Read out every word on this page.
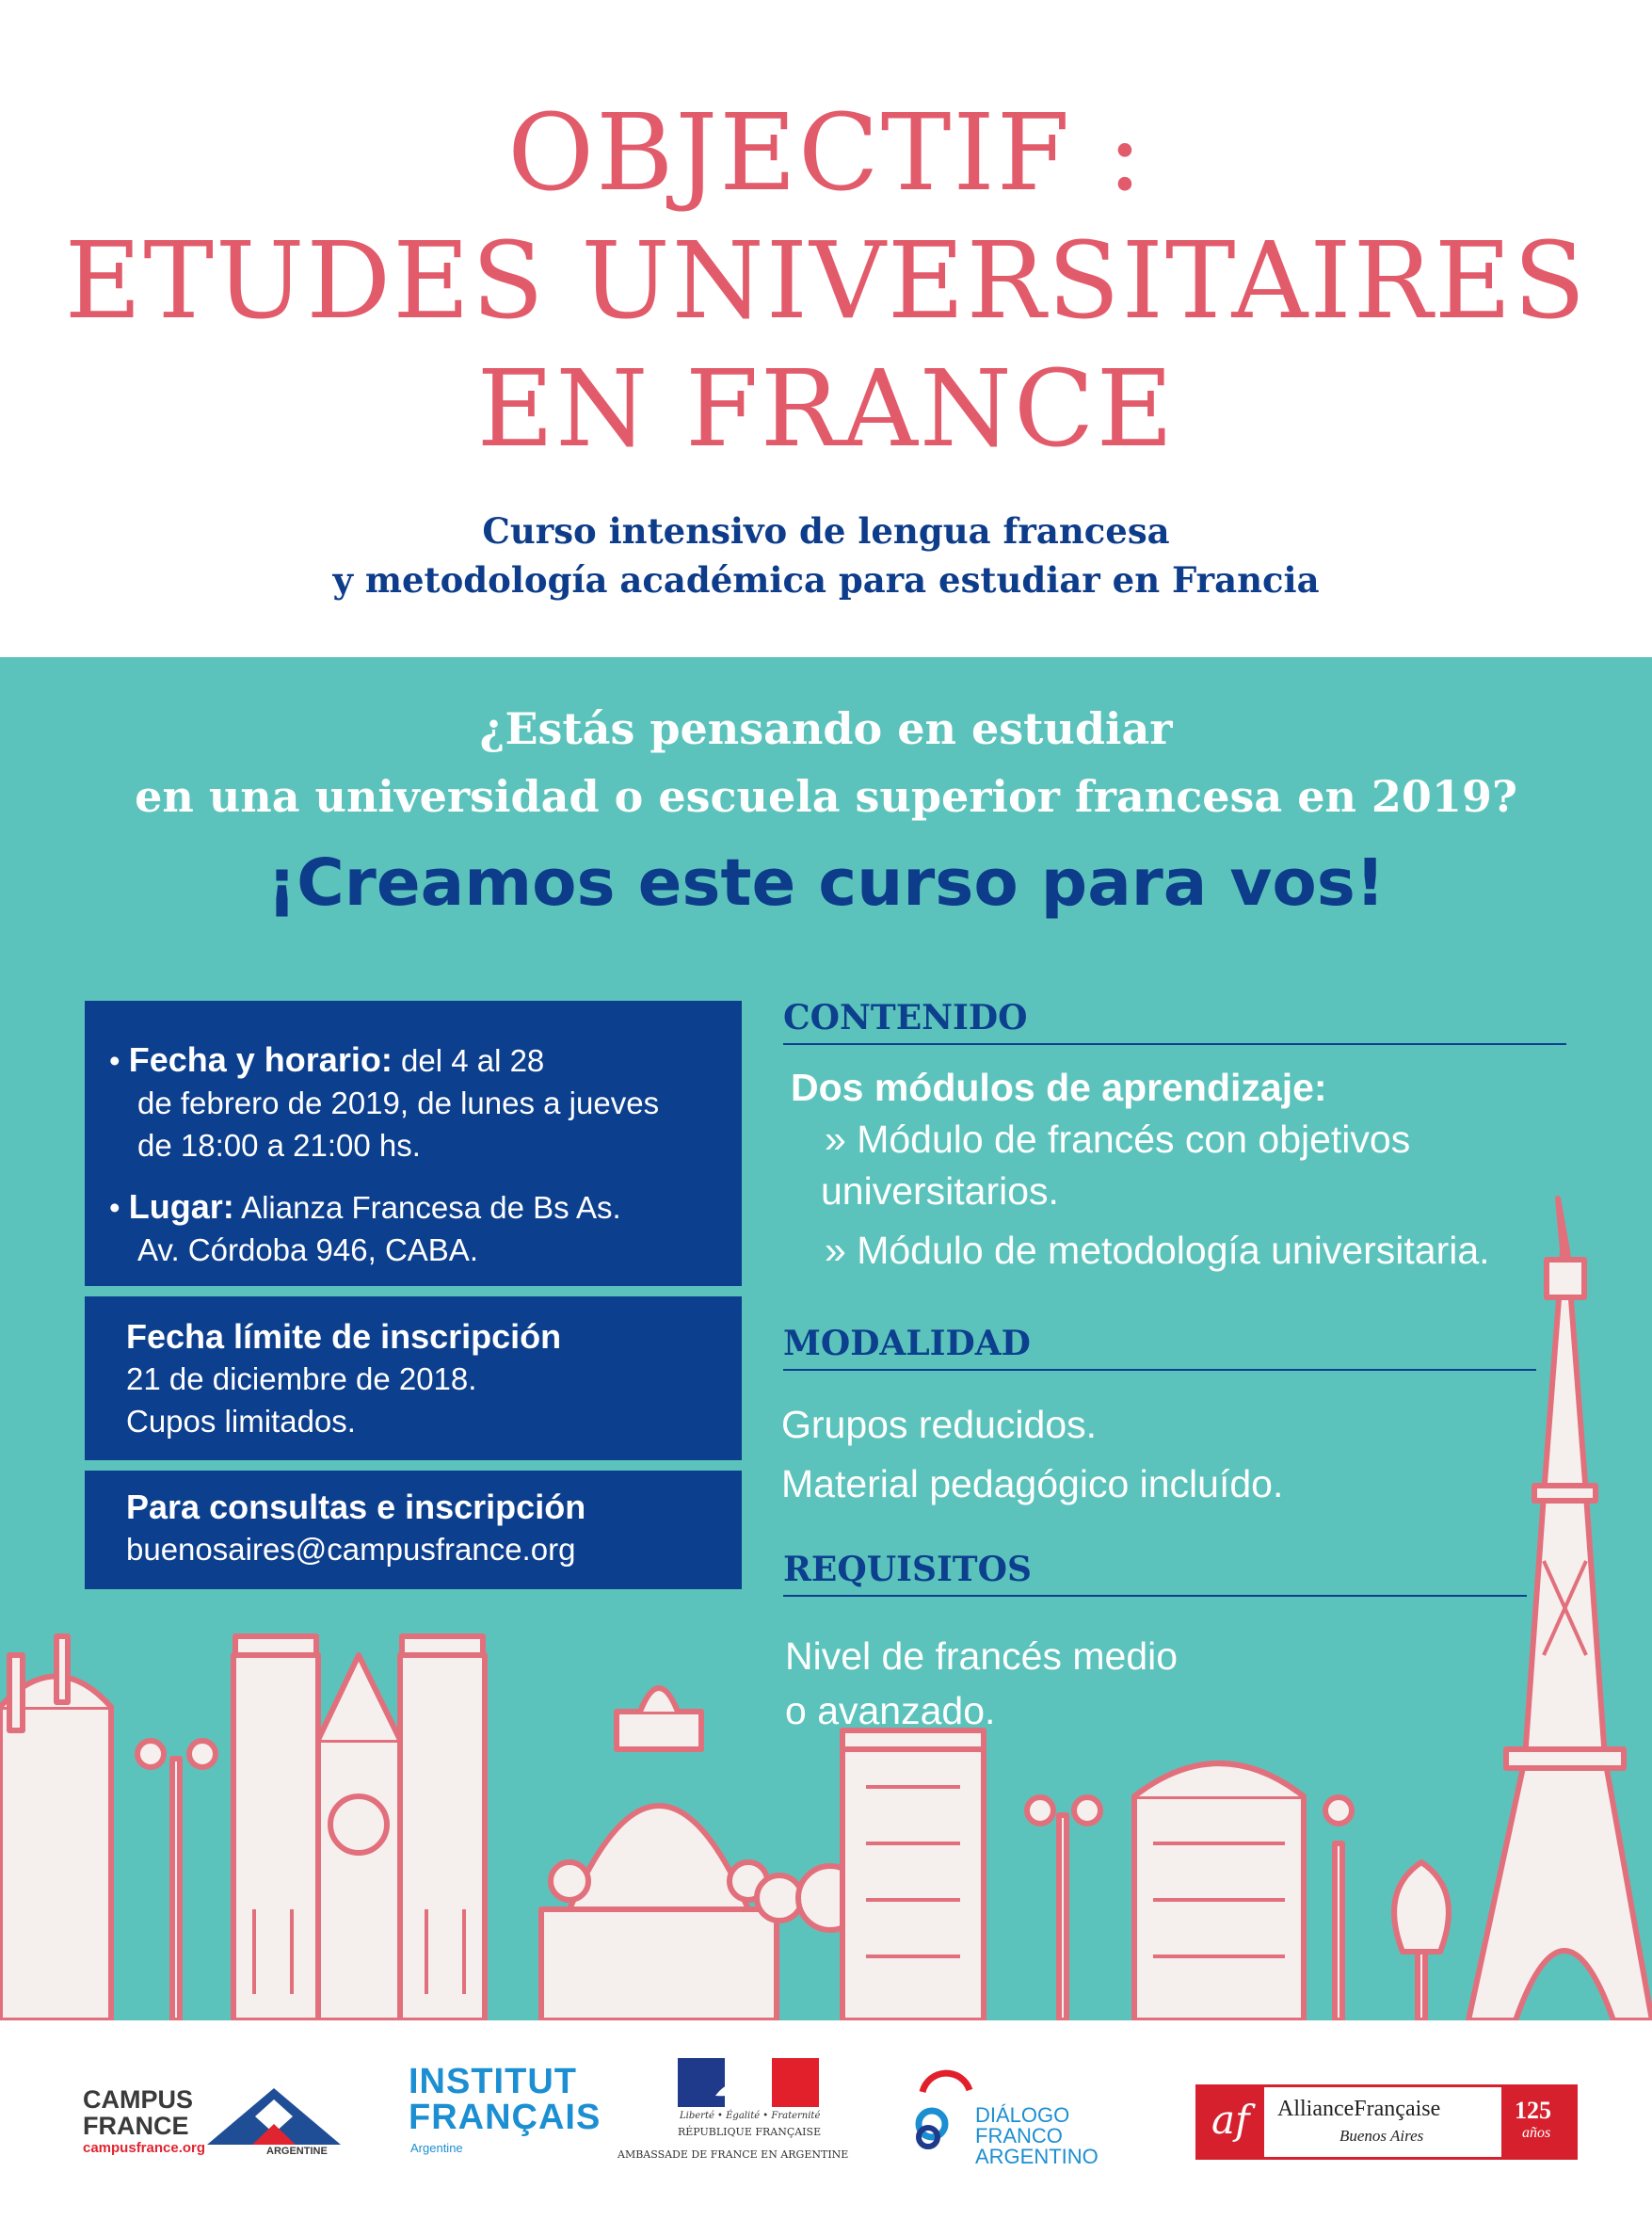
OBJECTIF :
ETUDES UNIVERSITAIRES
EN FRANCE
Curso intensivo de lengua francesa
y metodología académica para estudiar en Francia
¿Estás pensando en estudiar
en una universidad o escuela superior francesa en 2019?
¡Creamos este curso para vos!
• Fecha y horario: del 4 al 28
de febrero de 2019, de lunes a jueves
de 18:00 a 21:00 hs.
• Lugar: Alianza Francesa de Bs As.
Av. Córdoba 946, CABA.
Fecha límite de inscripción
21 de diciembre de 2018.
Cupos limitados.
Para consultas e inscripción
buenosaires@campusfrance.org
CONTENIDO
Dos módulos de aprendizaje:
» Módulo de francés con objetivos
universitarios.
» Módulo de metodología universitaria.
MODALIDAD
Grupos reducidos.
Material pedagógico incluído.
REQUISITOS
Nivel de francés medio
o avanzado.
CAMPUS
FRANCE
campusfrance.org	ARGENTINE
INSTITUT
FRANÇAIS
Argentine
Liberté • Égalité • Fraternité
RÉPUBLIQUE FRANÇAISE
AMBASSADE DE FRANCE EN ARGENTINE
DIÁLOGO
FRANCO
ARGENTINO
af AllianceFrançaise
Buenos Aires
125
años
